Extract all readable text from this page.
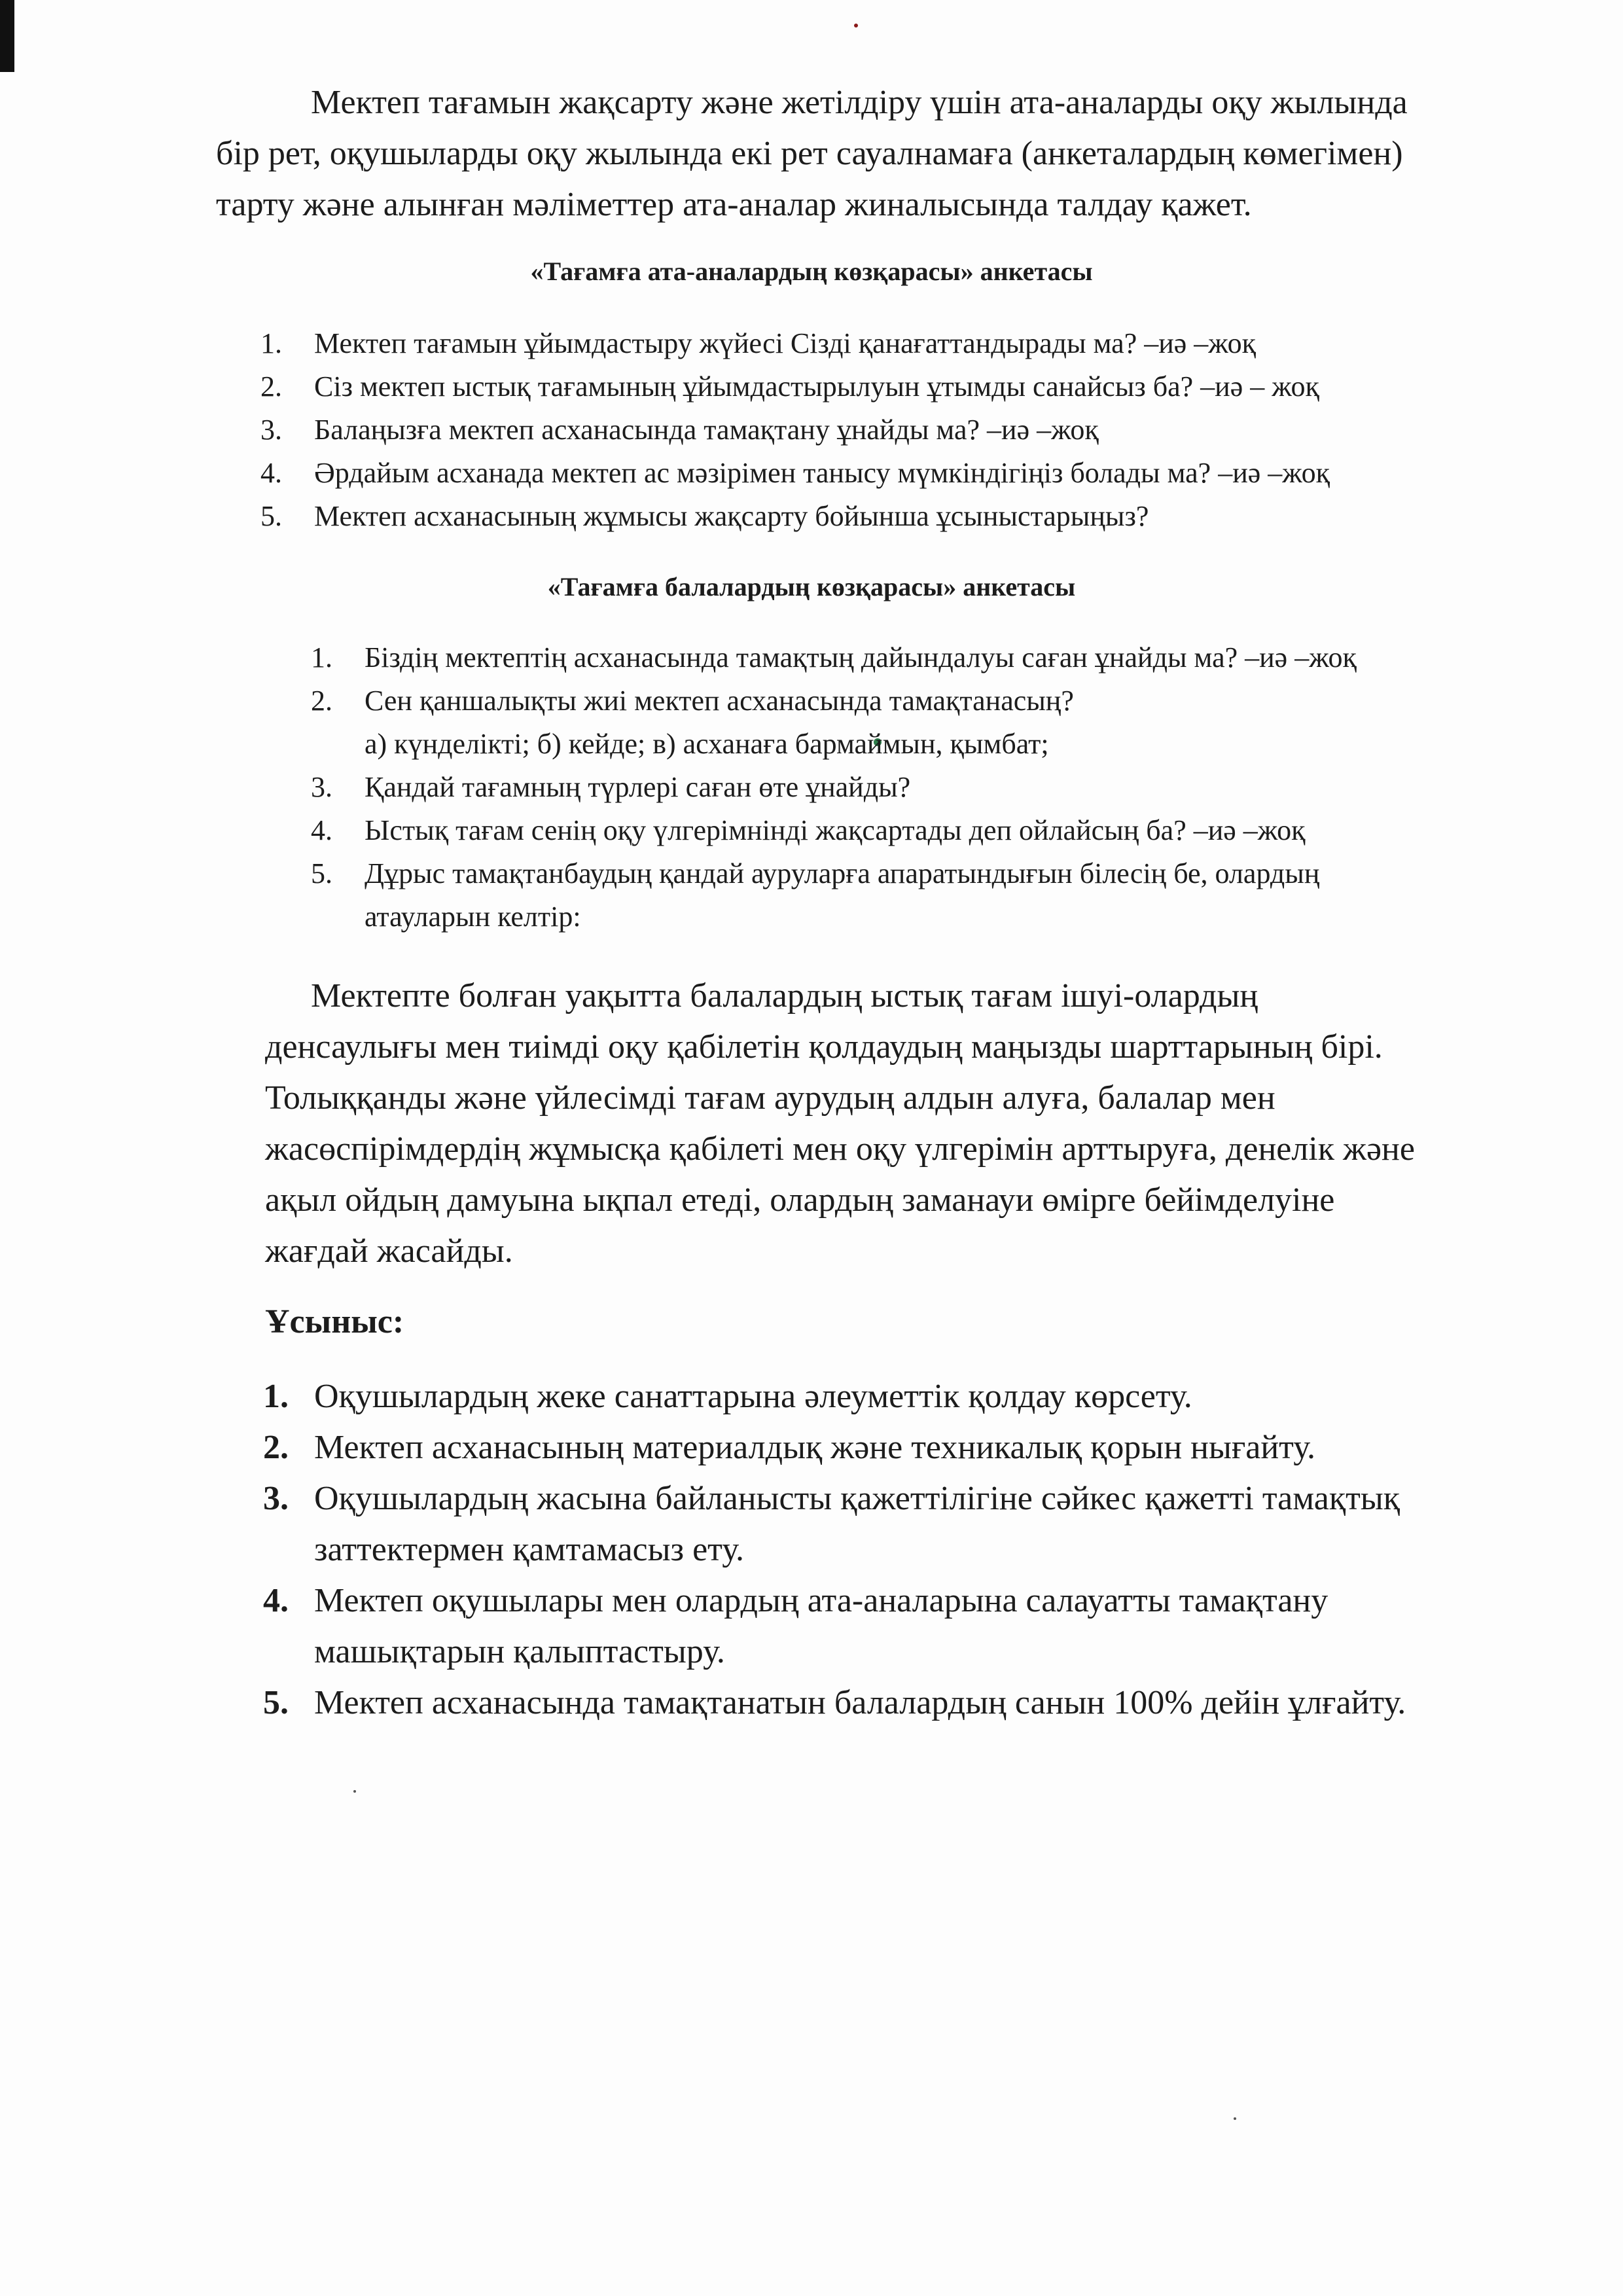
Мектеп тағамын жақсарту және жетілдіру үшін ата-аналарды оқу жылында
бір рет, оқушыларды оқу жылында екі рет сауалнамаға (анкеталардың көмегімен)
тарту және алынған мәліметтер ата-аналар жиналысында талдау қажет.
«Тағамға ата-аналардың көзқарасы» анкетасы
1.	Мектеп тағамын ұйымдастыру жүйесі Сізді қанағаттандырады ма? –иә –жоқ
2.	Сіз мектеп ыстық тағамының ұйымдастырылуын ұтымды санайсыз ба? –иә – жоқ
3.	Балаңызға мектеп асханасында тамақтану ұнайды ма? –иә –жоқ
4.	Әрдайым асханада мектеп ас мәзірімен танысу мүмкіндігіңіз болады ма? –иә –жоқ
5.	Мектеп асханасының жұмысы жақсарту бойынша ұсыныстарыңыз?
«Тағамға балалардың көзқарасы» анкетасы
1.	Біздің мектептің асханасында тамақтың дайындалуы саған ұнайды ма? –иә –жоқ
2.	Сен қаншалықты жиі мектеп асханасында тамақтанасың?
а) күнделікті; б) кейде; в) асханаға бармаймын, қымбат;
3.	Қандай тағамның түрлері саған өте ұнайды?
4.	Ыстық тағам сенің оқу үлгерімнінді жақсартады деп ойлайсың ба? –иә –жоқ
5.	Дұрыс тамақтанбаудың қандай ауруларға апаратындығын білесің бе, олардың
атауларын келтір:
Мектепте болған уақытта балалардың ыстық тағам ішуі-олардың
денсаулығы мен тиімді оқу қабілетін қолдаудың маңызды шарттарының бірі.
Толыққанды және үйлесімді тағам аурудың алдын алуға, балалар мен
жасөспірімдердің жұмысқа қабілеті мен оқу үлгерімін арттыруға, денелік және
ақыл ойдың дамуына ықпал етеді, олардың заманауи өмірге бейімделуіне
жағдай жасайды.
Ұсыныс:
1. Оқушылардың жеке санаттарына әлеуметтік қолдау көрсету.
2. Мектеп асханасының материалдық және техникалық қорын нығайту.
3. Оқушылардың жасына байланысты қажеттілігіне сәйкес қажетті тамақтық
заттектермен қамтамасыз ету.
4. Мектеп оқушылары мен олардың ата-аналарына салауатты тамақтану
машықтарын қалыптастыру.
5. Мектеп асханасында тамақтанатын балалардың санын 100% дейін ұлғайту.
